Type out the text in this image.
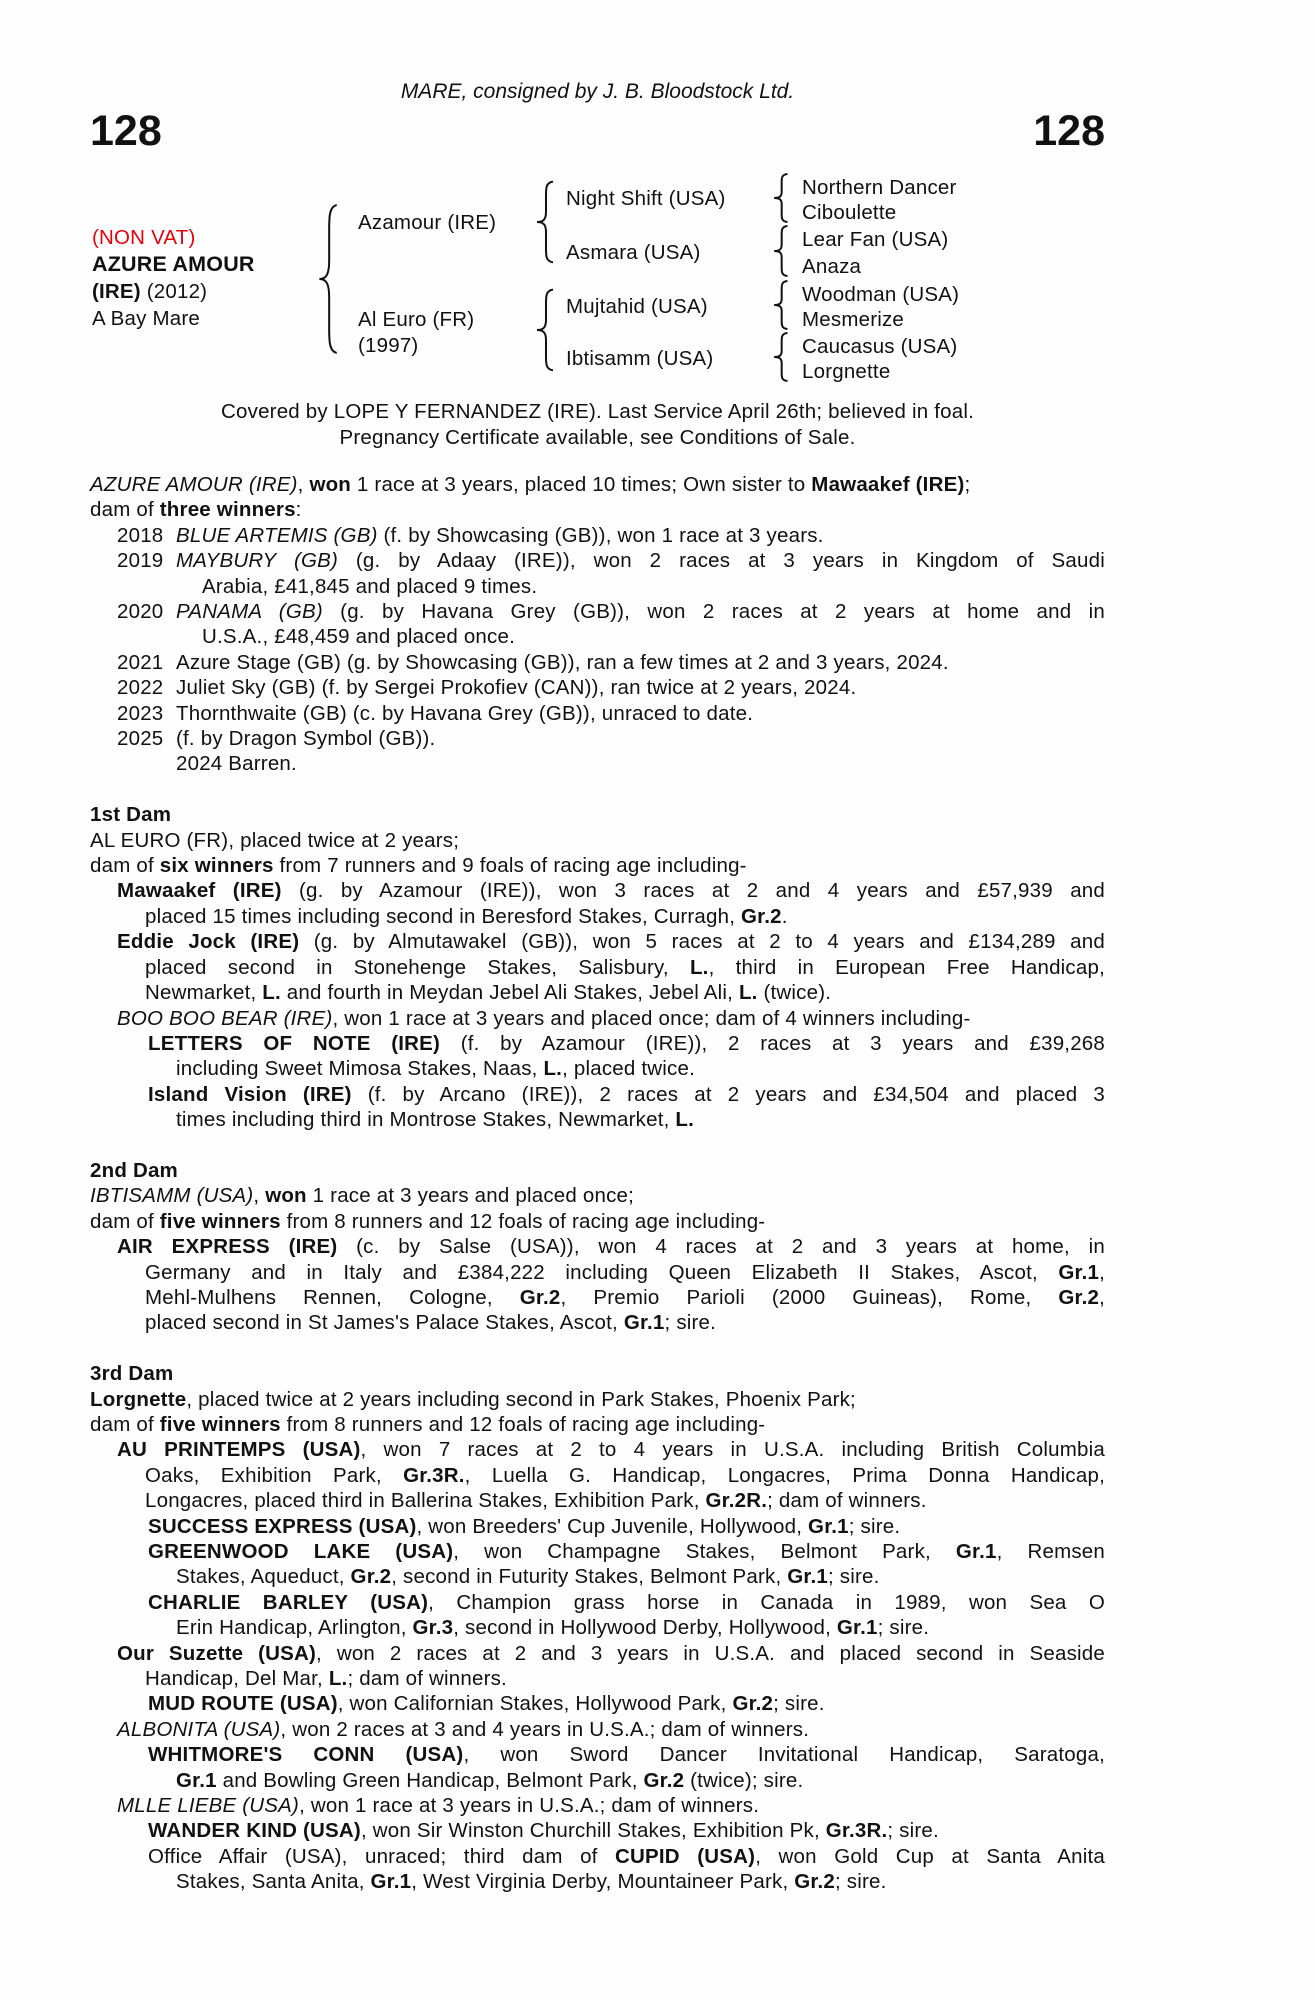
MARE, consigned by J. B. Bloodstock Ltd.
128	128
(NON VAT)
AZURE AMOUR
(IRE) (2012)
A Bay Mare
Azamour (IRE)
Al Euro (FR)
(1997)
Night Shift (USA)
Asmara (USA)
Mujtahid (USA)
Ibtisamm (USA)
Northern Dancer
Ciboulette
Lear Fan (USA)
Anaza
Woodman (USA)
Mesmerize
Caucasus (USA)
Lorgnette
Covered by LOPE Y FERNANDEZ (IRE). Last Service April 26th; believed in foal.
Pregnancy Certificate available, see Conditions of Sale.
AZURE AMOUR (IRE), won 1 race at 3 years, placed 10 times; Own sister to Mawaakef (IRE);
dam of three winners:
2018 BLUE ARTEMIS (GB) (f. by Showcasing (GB)), won 1 race at 3 years.
2019 MAYBURY (GB) (g. by Adaay (IRE)), won 2 races at 3 years in Kingdom of Saudi
Arabia, £41,845 and placed 9 times.
2020 PANAMA (GB) (g. by Havana Grey (GB)), won 2 races at 2 years at home and in
U.S.A., £48,459 and placed once.
2021 Azure Stage (GB) (g. by Showcasing (GB)), ran a few times at 2 and 3 years, 2024.
2022 Juliet Sky (GB) (f. by Sergei Prokofiev (CAN)), ran twice at 2 years, 2024.
2023 Thornthwaite (GB) (c. by Havana Grey (GB)), unraced to date.
2025 (f. by Dragon Symbol (GB)).
2024 Barren.
1st Dam
AL EURO (FR), placed twice at 2 years;
dam of six winners from 7 runners and 9 foals of racing age including-
Mawaakef (IRE) (g. by Azamour (IRE)), won 3 races at 2 and 4 years and £57,939 and
placed 15 times including second in Beresford Stakes, Curragh, Gr.2.
Eddie Jock (IRE) (g. by Almutawakel (GB)), won 5 races at 2 to 4 years and £134,289 and
placed second in Stonehenge Stakes, Salisbury, L., third in European Free Handicap,
Newmarket, L. and fourth in Meydan Jebel Ali Stakes, Jebel Ali, L. (twice).
BOO BOO BEAR (IRE), won 1 race at 3 years and placed once; dam of 4 winners including-
LETTERS OF NOTE (IRE) (f. by Azamour (IRE)), 2 races at 3 years and £39,268
including Sweet Mimosa Stakes, Naas, L., placed twice.
Island Vision (IRE) (f. by Arcano (IRE)), 2 races at 2 years and £34,504 and placed 3
times including third in Montrose Stakes, Newmarket, L.
2nd Dam
IBTISAMM (USA), won 1 race at 3 years and placed once;
dam of five winners from 8 runners and 12 foals of racing age including-
AIR EXPRESS (IRE) (c. by Salse (USA)), won 4 races at 2 and 3 years at home, in
Germany and in Italy and £384,222 including Queen Elizabeth II Stakes, Ascot, Gr.1,
Mehl-Mulhens Rennen, Cologne, Gr.2, Premio Parioli (2000 Guineas), Rome, Gr.2,
placed second in St James's Palace Stakes, Ascot, Gr.1; sire.
3rd Dam
Lorgnette, placed twice at 2 years including second in Park Stakes, Phoenix Park;
dam of five winners from 8 runners and 12 foals of racing age including-
AU PRINTEMPS (USA), won 7 races at 2 to 4 years in U.S.A. including British Columbia
Oaks, Exhibition Park, Gr.3R., Luella G. Handicap, Longacres, Prima Donna Handicap,
Longacres, placed third in Ballerina Stakes, Exhibition Park, Gr.2R.; dam of winners.
SUCCESS EXPRESS (USA), won Breeders' Cup Juvenile, Hollywood, Gr.1; sire.
GREENWOOD LAKE (USA), won Champagne Stakes, Belmont Park, Gr.1, Remsen
Stakes, Aqueduct, Gr.2, second in Futurity Stakes, Belmont Park, Gr.1; sire.
CHARLIE BARLEY (USA), Champion grass horse in Canada in 1989, won Sea O
Erin Handicap, Arlington, Gr.3, second in Hollywood Derby, Hollywood, Gr.1; sire.
Our Suzette (USA), won 2 races at 2 and 3 years in U.S.A. and placed second in Seaside
Handicap, Del Mar, L.; dam of winners.
MUD ROUTE (USA), won Californian Stakes, Hollywood Park, Gr.2; sire.
ALBONITA (USA), won 2 races at 3 and 4 years in U.S.A.; dam of winners.
WHITMORE'S CONN (USA), won Sword Dancer Invitational Handicap, Saratoga,
Gr.1 and Bowling Green Handicap, Belmont Park, Gr.2 (twice); sire.
MLLE LIEBE (USA), won 1 race at 3 years in U.S.A.; dam of winners.
WANDER KIND (USA), won Sir Winston Churchill Stakes, Exhibition Pk, Gr.3R.; sire.
Office Affair (USA), unraced; third dam of CUPID (USA), won Gold Cup at Santa Anita
Stakes, Santa Anita, Gr.1, West Virginia Derby, Mountaineer Park, Gr.2; sire.
